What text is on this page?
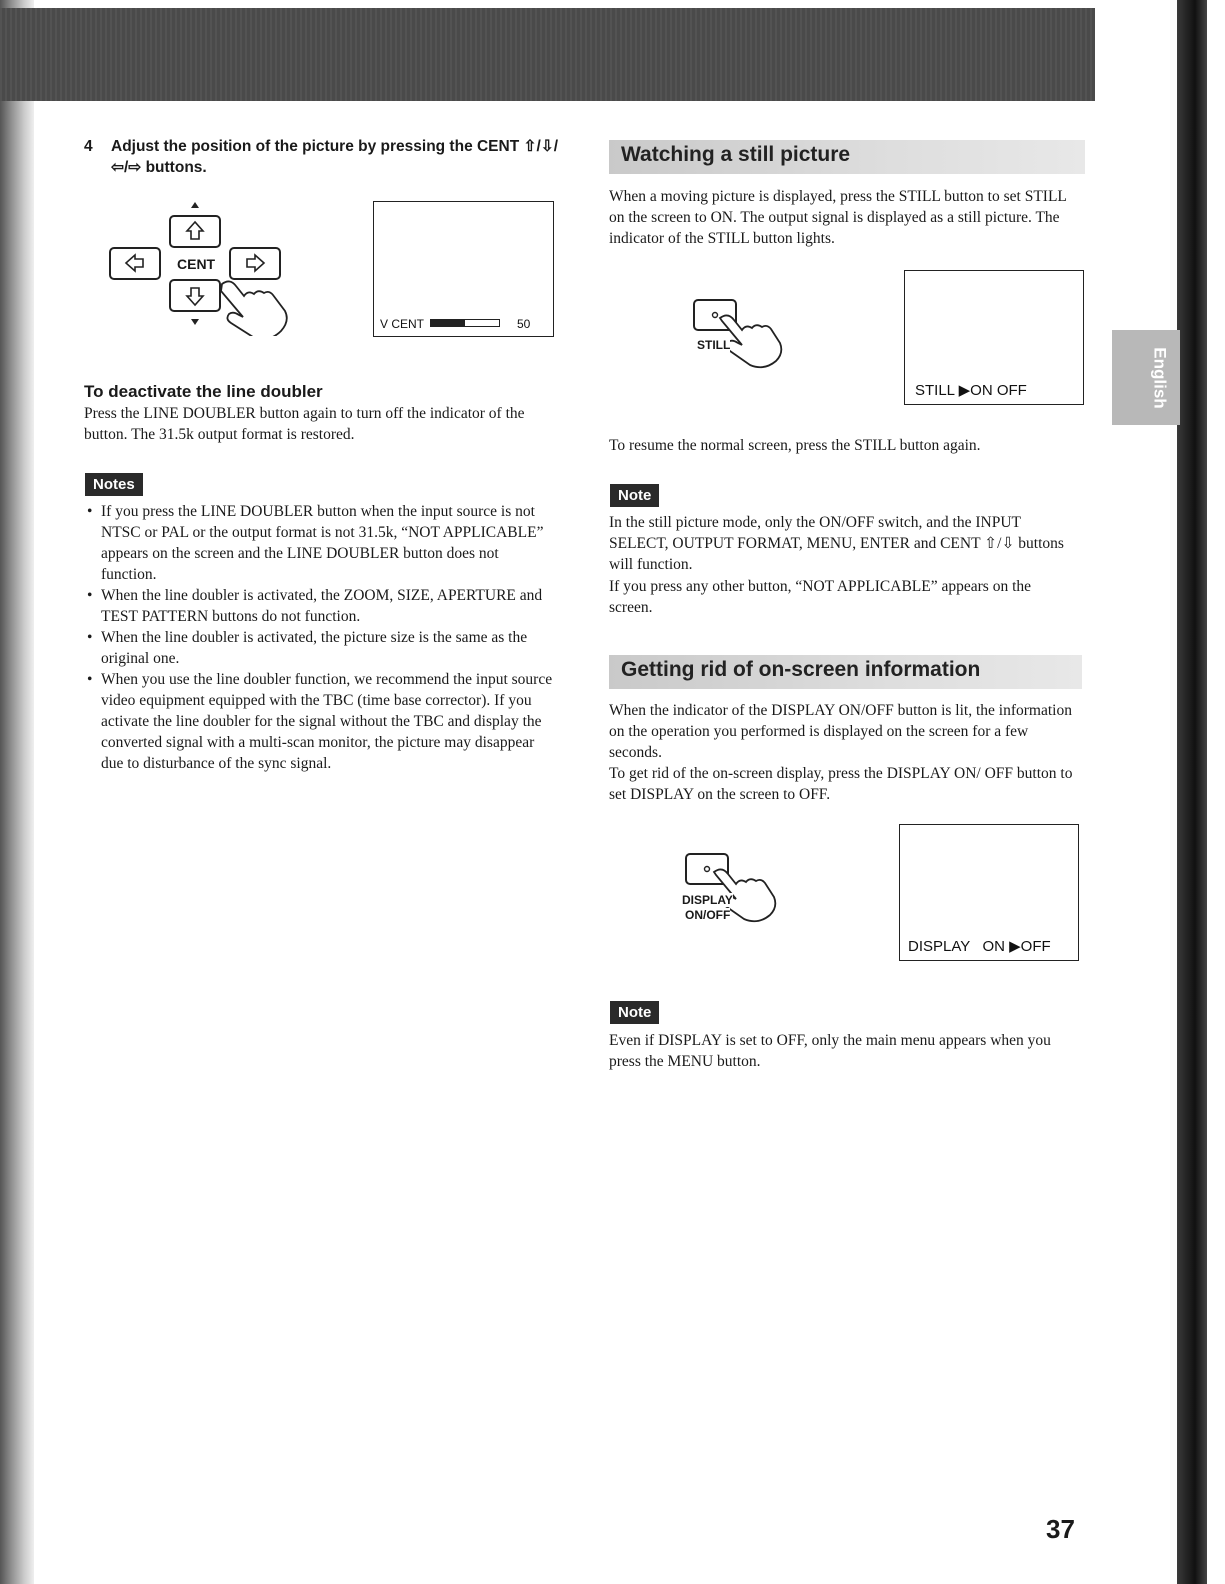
English
4 Adjust the position of the picture by pressing the CENT ⇧/⇩/⇦/⇨ buttons.
CENT
V CENT	50
To deactivate the line doubler
Press the LINE DOUBLER button again to turn off the indicator of the button. The 31.5k output format is restored.
Notes
• If you press the LINE DOUBLER button when the input source is not NTSC or PAL or the output format is not 31.5k, “NOT APPLICABLE” appears on the screen and the LINE DOUBLER button does not function.
• When the line doubler is activated, the ZOOM, SIZE, APERTURE and TEST PATTERN buttons do not function.
• When the line doubler is activated, the picture size is the same as the original one.
• When you use the line doubler function, we recommend the input source video equipment equipped with the TBC (time base corrector). If you activate the line doubler for the signal without the TBC and display the converted signal with a multi-scan monitor, the picture may disappear due to disturbance of the sync signal.
Watching a still picture
When a moving picture is displayed, press the STILL button to set STILL on the screen to ON. The output signal is displayed as a still picture. The indicator of the STILL button lights.
STILL
STILL ▶ON OFF
To resume the normal screen, press the STILL button again.
Note
In the still picture mode, only the ON/OFF switch, and the INPUT SELECT, OUTPUT FORMAT, MENU, ENTER and CENT ⇧/⇩ buttons will function.
If you press any other button, “NOT APPLICABLE” appears on the screen.
Getting rid of on-screen information
When the indicator of the DISPLAY ON/OFF button is lit, the information on the operation you performed is displayed on the screen for a few seconds.
To get rid of the on-screen display, press the DISPLAY ON/ OFF button to set DISPLAY on the screen to OFF.
DISPLAY
ON/OFF
DISPLAY   ON ▶OFF
Note
Even if DISPLAY is set to OFF, only the main menu appears when you press the MENU button.
37
